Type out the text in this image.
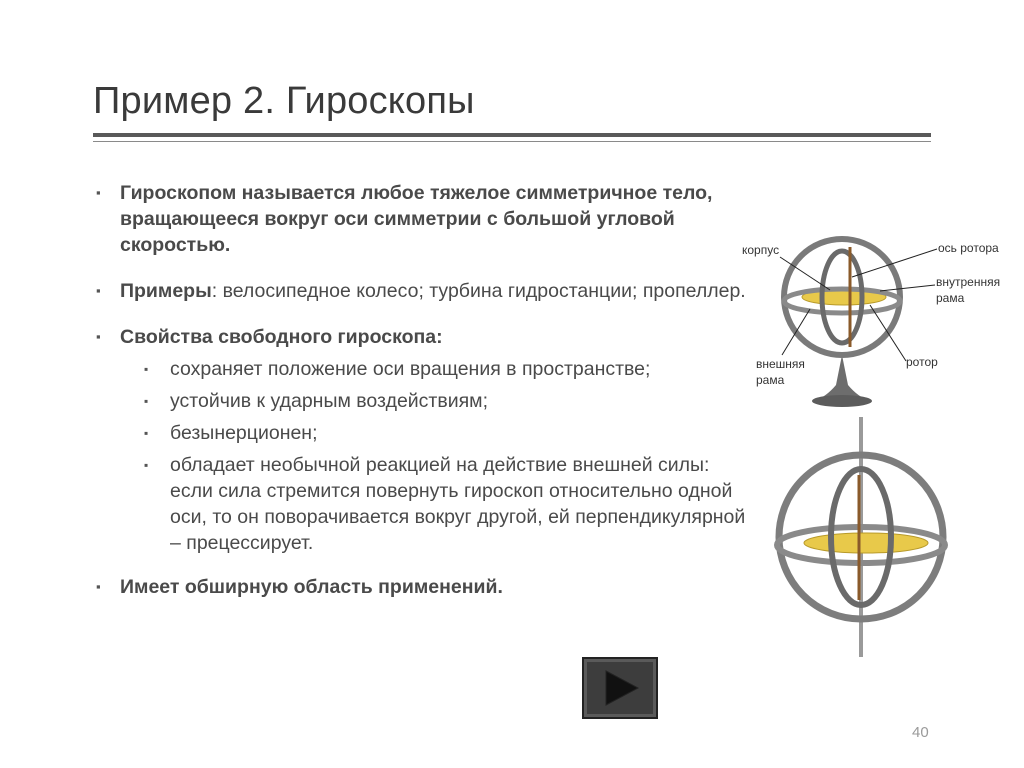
Пример 2. Гироскопы
▪ Гироскопом называется любое тяжелое симметричное тело, вращающееся вокруг оси симметрии с большой угловой скоростью.
▪ Примеры: велосипедное колесо; турбина гидростанции; пропеллер.
▪ Свойства свободного гироскопа:
▪ сохраняет положение оси вращения в пространстве;
▪ устойчив к ударным воздействиям;
▪ безынерционен;
▪ обладает необычной реакцией на действие внешней силы: если сила стремится повернуть гироскоп относительно одной оси, то он поворачивается вокруг другой, ей перпендикулярной – прецессирует.
▪ Имеет обширную область применений.
корпус	ось ротора
внутренняя
рама
внешняя
рама
ротор
40
